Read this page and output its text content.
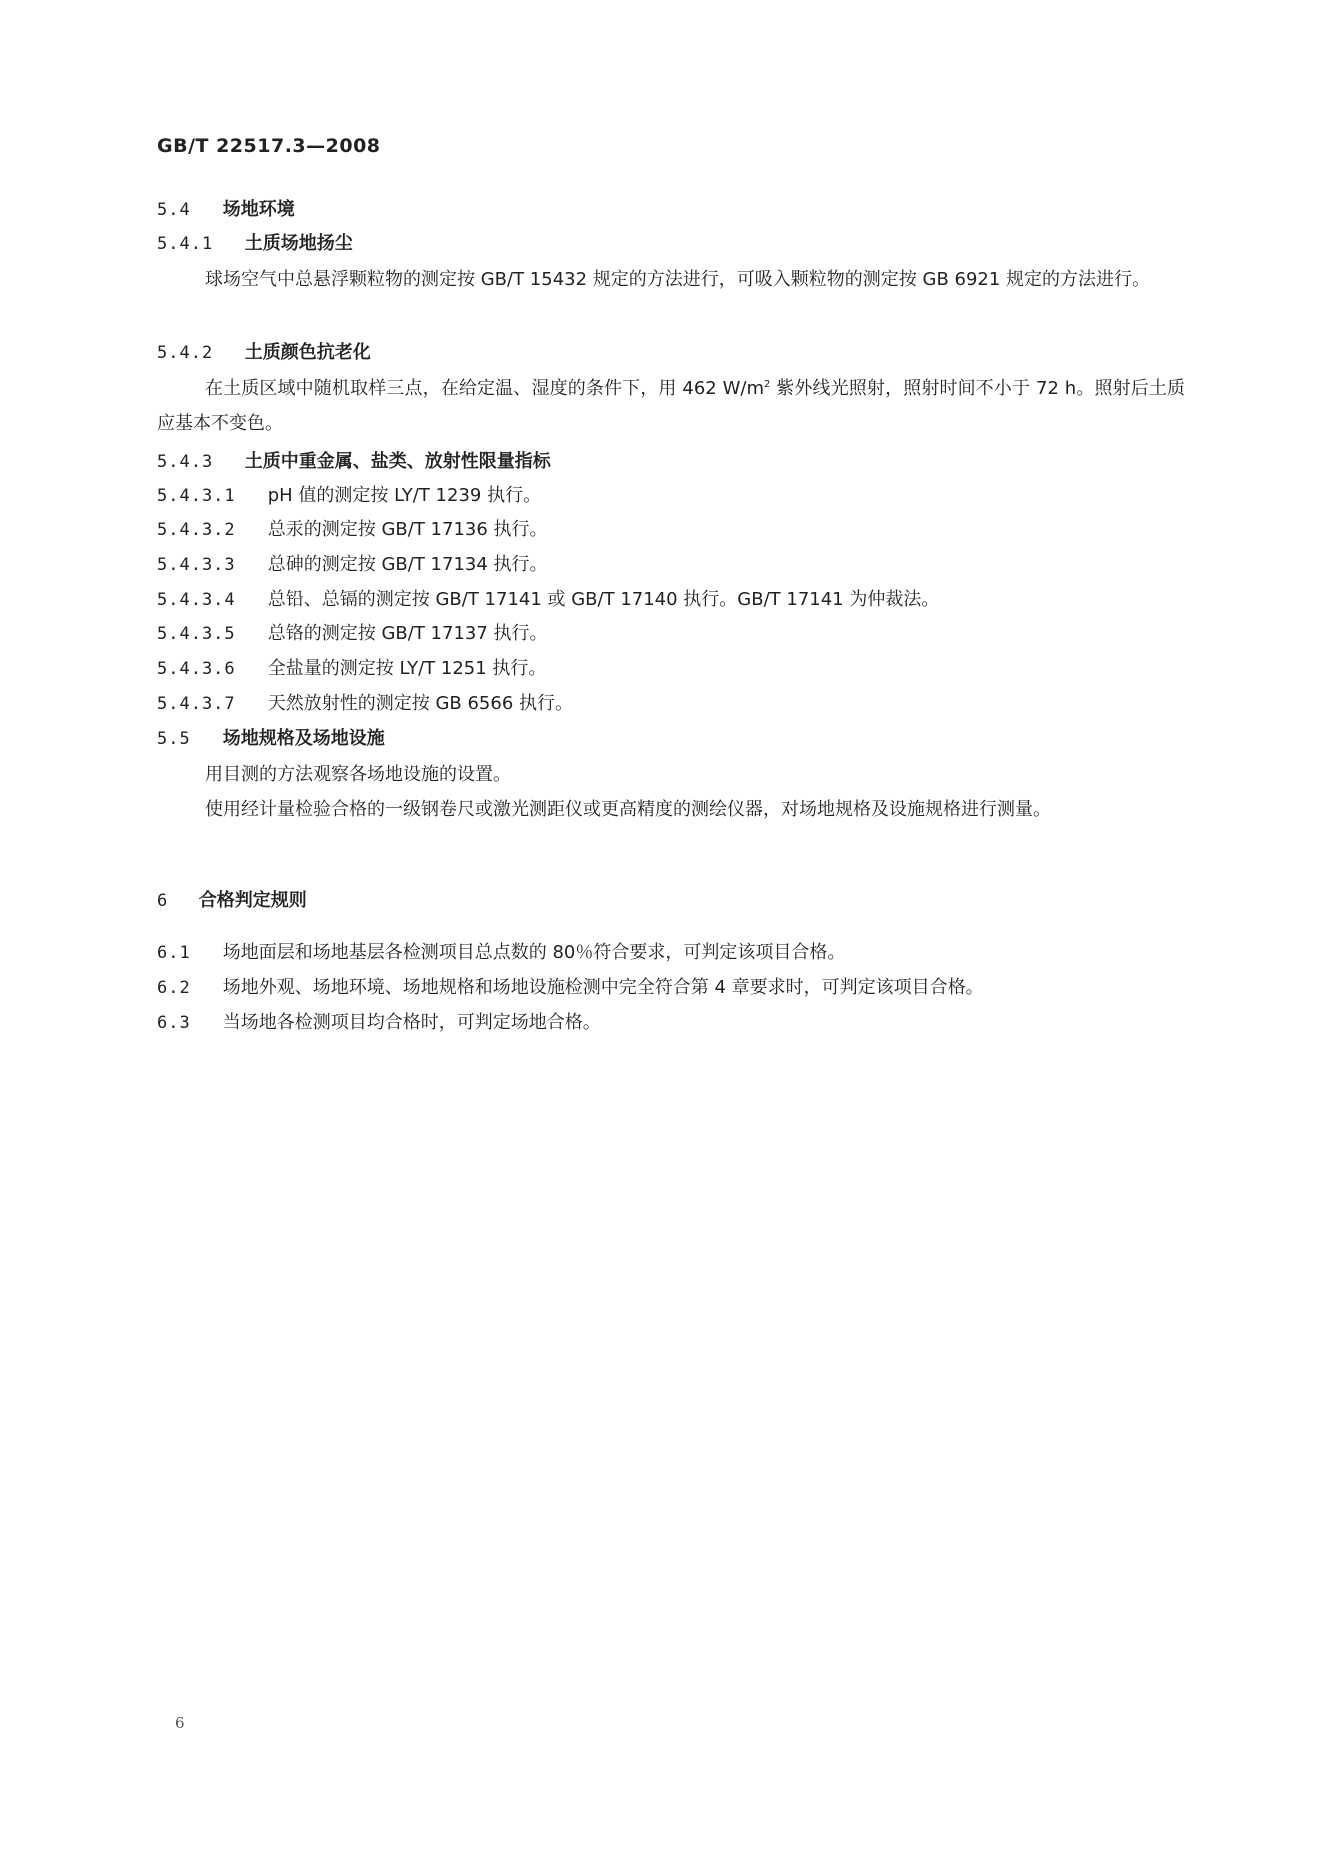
GB/T 22517.3—2008
5.4 场地环境
5.4.1 土质场地扬尘
球场空气中总悬浮颗粒物的测定按 GB/T 15432 规定的方法进行，可吸入颗粒物的测定按 GB 6921 规定的方法进行。
5.4.2 土质颜色抗老化
在土质区域中随机取样三点，在给定温、湿度的条件下，用 462 $W/m^2$ 紫外线光照射，照射时间不小于 72 h。照射后土质应基本不变色。
5.4.3 土质中重金属、盐类、放射性限量指标
5.4.3.1 pH 值的测定按 LY/T 1239 执行。
5.4.3.2 总汞的测定按 GB/T 17136 执行。
5.4.3.3 总砷的测定按 GB/T 17134 执行。
5.4.3.4 总铅、总镉的测定按 GB/T 17141 或 GB/T 17140 执行。GB/T 17141 为仲裁法。
5.4.3.5 总铬的测定按 GB/T 17137 执行。
5.4.3.6 全盐量的测定按 LY/T 1251 执行。
5.4.3.7 天然放射性的测定按 GB 6566 执行。
5.5 场地规格及场地设施
用目测的方法观察各场地设施的设置。
使用经计量检验合格的一级钢卷尺或激光测距仪或更高精度的测绘仪器，对场地规格及设施规格进行测量。
6 合格判定规则
6.1 场地面层和场地基层各检测项目总点数的 80％符合要求，可判定该项目合格。
6.2 场地外观、场地环境、场地规格和场地设施检测中完全符合第 4 章要求时，可判定该项目合格。
6.3 当场地各检测项目均合格时，可判定场地合格。
6
